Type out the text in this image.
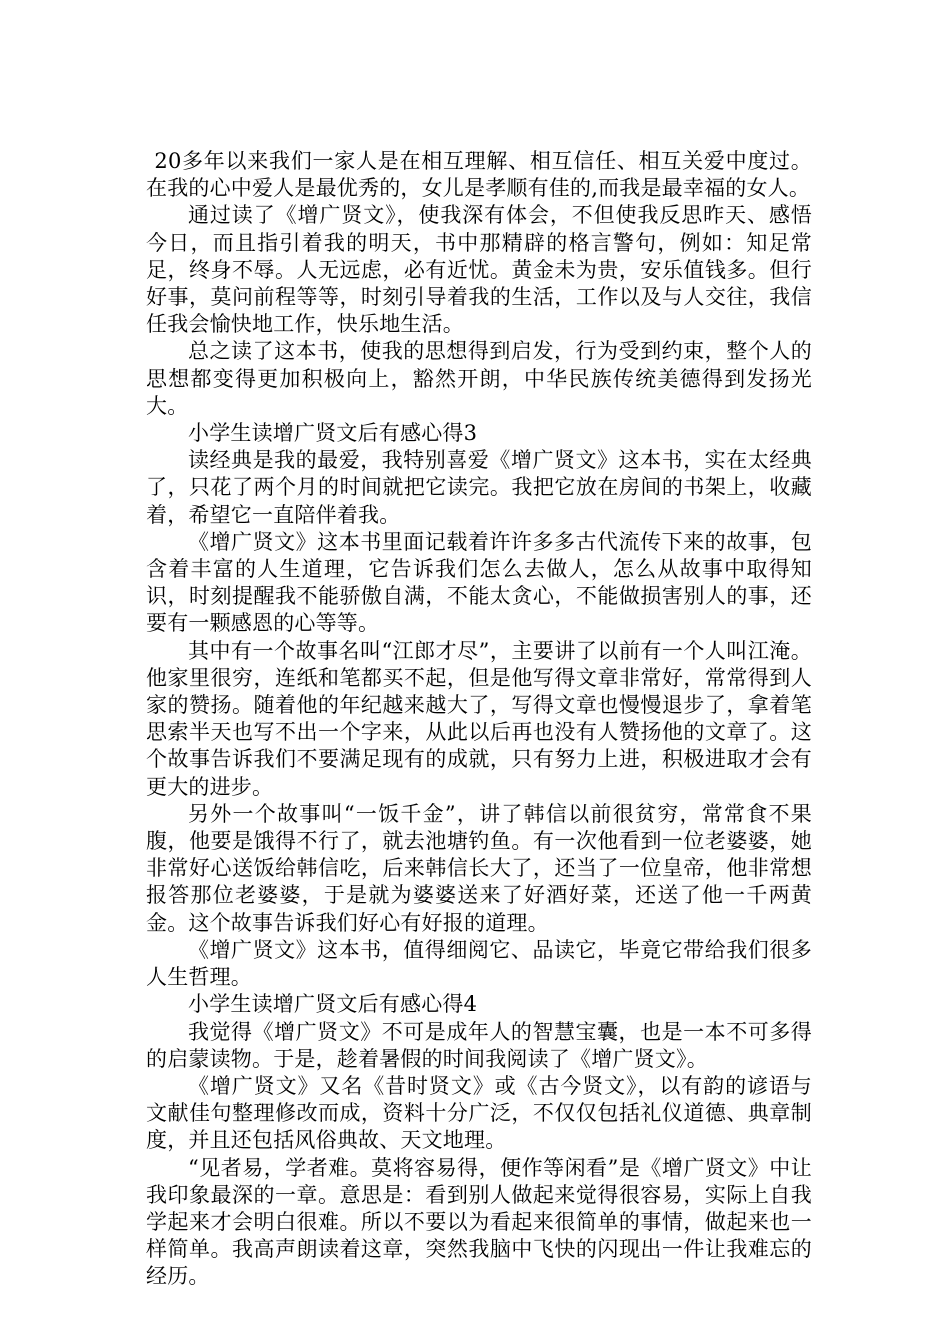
20多年以来我们一家人是在相互理解、相互信任、相互关爱中度过。在我的心中爱人是最优秀的，女儿是孝顺有佳的,而我是最幸福的女人。

通过读了《增广贤文》，使我深有体会，不但使我反思昨天、感悟今日，而且指引着我的明天，书中那精辟的格言警句，例如：知足常足，终身不辱。人无远虑，必有近忧。黄金未为贵，安乐值钱多。但行好事，莫问前程等等，时刻引导着我的生活，工作以及与人交往，我信任我会愉快地工作，快乐地生活。

总之读了这本书，使我的思想得到启发，行为受到约束，整个人的思想都变得更加积极向上，豁然开朗，中华民族传统美德得到发扬光大。

小学生读增广贤文后有感心得3

读经典是我的最爱，我特别喜爱《增广贤文》这本书，实在太经典了，只花了两个月的时间就把它读完。我把它放在房间的书架上，收藏着，希望它一直陪伴着我。

《增广贤文》这本书里面记载着许许多多古代流传下来的故事，包含着丰富的人生道理，它告诉我们怎么去做人，怎么从故事中取得知识，时刻提醒我不能骄傲自满，不能太贪心，不能做损害别人的事，还要有一颗感恩的心等等。

其中有一个故事名叫“江郎才尽”，主要讲了以前有一个人叫江淹。他家里很穷，连纸和笔都买不起，但是他写得文章非常好，常常得到人家的赞扬。随着他的年纪越来越大了，写得文章也慢慢退步了，拿着笔思索半天也写不出一个字来，从此以后再也没有人赞扬他的文章了。这个故事告诉我们不要满足现有的成就，只有努力上进，积极进取才会有更大的进步。

另外一个故事叫“一饭千金”，讲了韩信以前很贫穷，常常食不果腹，他要是饿得不行了，就去池塘钓鱼。有一次他看到一位老婆婆，她非常好心送饭给韩信吃，后来韩信长大了，还当了一位皇帝，他非常想报答那位老婆婆，于是就为婆婆送来了好酒好菜，还送了他一千两黄金。这个故事告诉我们好心有好报的道理。

《增广贤文》这本书，值得细阅它、品读它，毕竟它带给我们很多人生哲理。

小学生读增广贤文后有感心得4

我觉得《增广贤文》不可是成年人的智慧宝囊，也是一本不可多得的启蒙读物。于是，趁着暑假的时间我阅读了《增广贤文》。

《增广贤文》又名《昔时贤文》或《古今贤文》，以有韵的谚语与文献佳句整理修改而成，资料十分广泛，不仅仅包括礼仪道德、典章制度，并且还包括风俗典故、天文地理。

“见者易，学者难。莫将容易得，便作等闲看”是《增广贤文》中让我印象最深的一章。意思是：看到别人做起来觉得很容易，实际上自我学起来才会明白很难。所以不要以为看起来很简单的事情，做起来也一样简单。我高声朗读着这章，突然我脑中飞快的闪现出一件让我难忘的经历。
